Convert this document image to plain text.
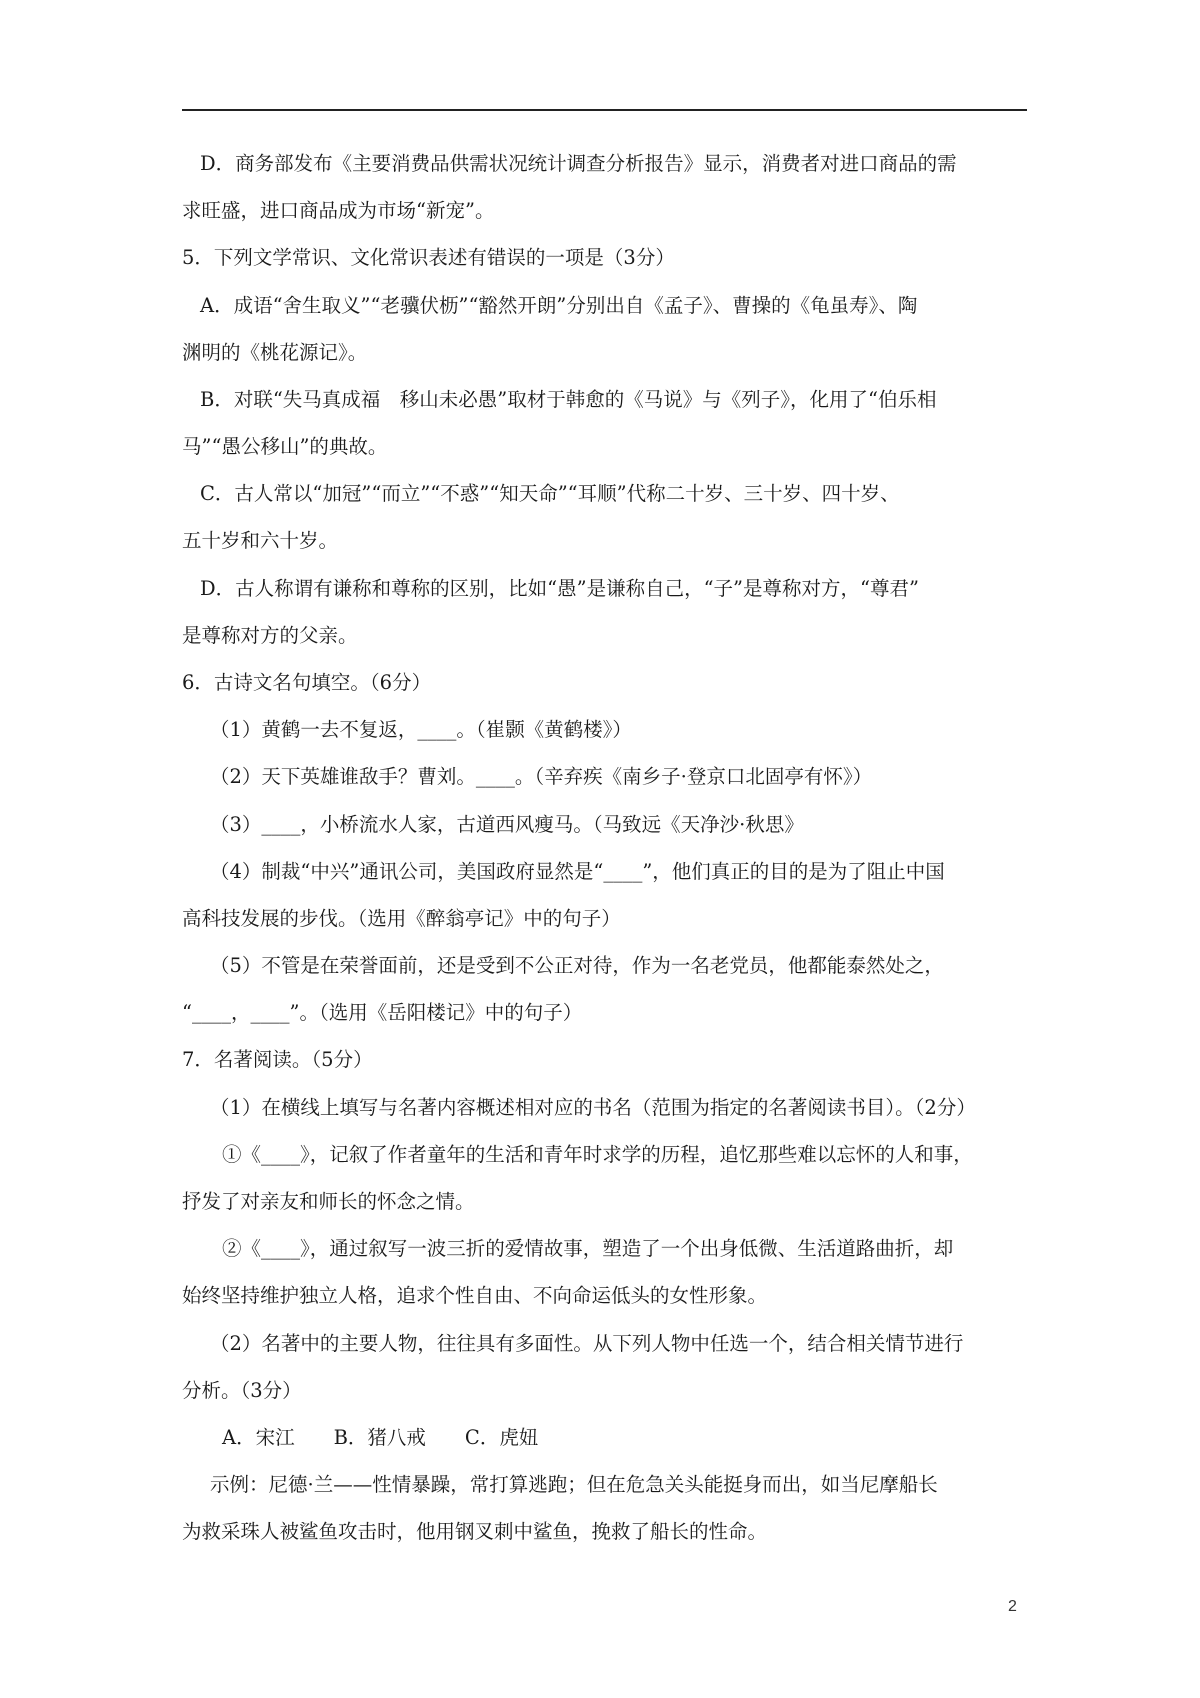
D．商务部发布《主要消费品供需状况统计调查分析报告》显示，消费者对进口商品的需
求旺盛，进口商品成为市场“新宠”。
5．下列文学常识、文化常识表述有错误的一项是（3分）
A．成语“舍生取义”“老骥伏枥”“豁然开朗”分别出自《孟子》、曹操的《龟虽寿》、陶
渊明的《桃花源记》。
B．对联“失马真成福　移山未必愚”取材于韩愈的《马说》与《列子》，化用了“伯乐相
马”“愚公移山”的典故。
C．古人常以“加冠”“而立”“不惑”“知天命”“耳顺”代称二十岁、三十岁、四十岁、
五十岁和六十岁。
D．古人称谓有谦称和尊称的区别，比如“愚”是谦称自己，“子”是尊称对方，“尊君”
是尊称对方的父亲。
6．古诗文名句填空。（6分）
（1）黄鹤一去不复返，____。（崔颢《黄鹤楼》）
（2）天下英雄谁敌手？曹刘。____。（辛弃疾《南乡子·登京口北固亭有怀》）
（3）____，小桥流水人家，古道西风瘦马。（马致远《天净沙·秋思》
（4）制裁“中兴”通讯公司，美国政府显然是“____”，他们真正的目的是为了阻止中国
高科技发展的步伐。（选用《醉翁亭记》中的句子）
（5）不管是在荣誉面前，还是受到不公正对待，作为一名老党员，他都能泰然处之，
“____，____”。（选用《岳阳楼记》中的句子）
7．名著阅读。（5分）
（1）在横线上填写与名著内容概述相对应的书名（范围为指定的名著阅读书目）。（2分）
①《____》，记叙了作者童年的生活和青年时求学的历程，追忆那些难以忘怀的人和事，
抒发了对亲友和师长的怀念之情。
②《____》，通过叙写一波三折的爱情故事，塑造了一个出身低微、生活道路曲折，却
始终坚持维护独立人格，追求个性自由、不向命运低头的女性形象。
（2）名著中的主要人物，往往具有多面性。从下列人物中任选一个，结合相关情节进行
分析。（3分）
A．宋江　　B．猪八戒　　C．虎妞
示例：尼德·兰——性情暴躁，常打算逃跑；但在危急关头能挺身而出，如当尼摩船长
为救采珠人被鲨鱼攻击时，他用钢叉刺中鲨鱼，挽救了船长的性命。
2
